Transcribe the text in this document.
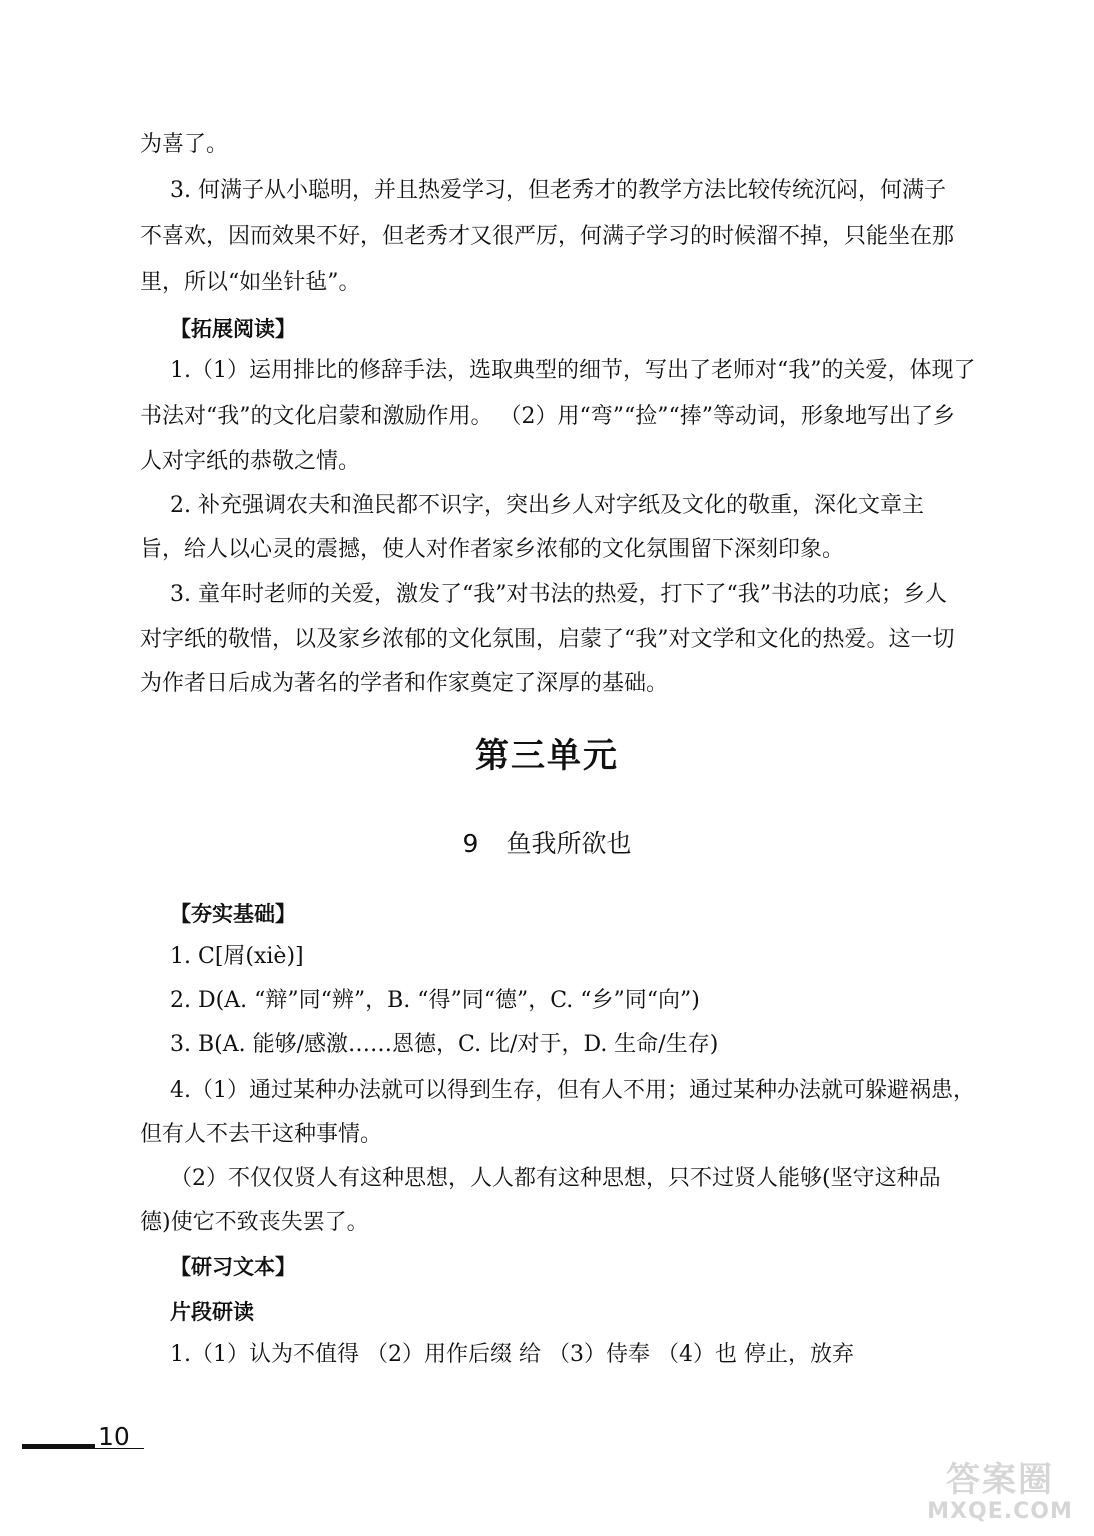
为喜了。
3. 何满子从小聪明，并且热爱学习，但老秀才的教学方法比较传统沉闷，何满子
不喜欢，因而效果不好，但老秀才又很严厉，何满子学习的时候溜不掉，只能坐在那
里，所以“如坐针毡”。
【拓展阅读】
1.（1）运用排比的修辞手法，选取典型的细节，写出了老师对“我”的关爱，体现了
书法对“我”的文化启蒙和激励作用。 （2）用“弯”“捡”“捧”等动词，形象地写出了乡
人对字纸的恭敬之情。
2. 补充强调农夫和渔民都不识字，突出乡人对字纸及文化的敬重，深化文章主
旨，给人以心灵的震撼，使人对作者家乡浓郁的文化氛围留下深刻印象。
3. 童年时老师的关爱，激发了“我”对书法的热爱，打下了“我”书法的功底；乡人
对字纸的敬惜，以及家乡浓郁的文化氛围，启蒙了“我”对文学和文化的热爱。这一切
为作者日后成为著名的学者和作家奠定了深厚的基础。
第三单元
9 鱼我所欲也
【夯实基础】
1. C[屑(xiè)]
2. D(A. “辩”同“辨”，B. “得”同“德”，C. “乡”同“向”)
3. B(A. 能够/感激……恩德，C. 比/对于，D. 生命/生存)
4.（1）通过某种办法就可以得到生存，但有人不用；通过某种办法就可躲避祸患，
但有人不去干这种事情。
（2）不仅仅贤人有这种思想，人人都有这种思想，只不过贤人能够(坚守这种品
德)使它不致丧失罢了。
【研习文本】
片段研读
1.（1）认为不值得 （2）用作后缀 给 （3）侍奉 （4）也 停止，放弃
10
答案圈
MXQE.COM
